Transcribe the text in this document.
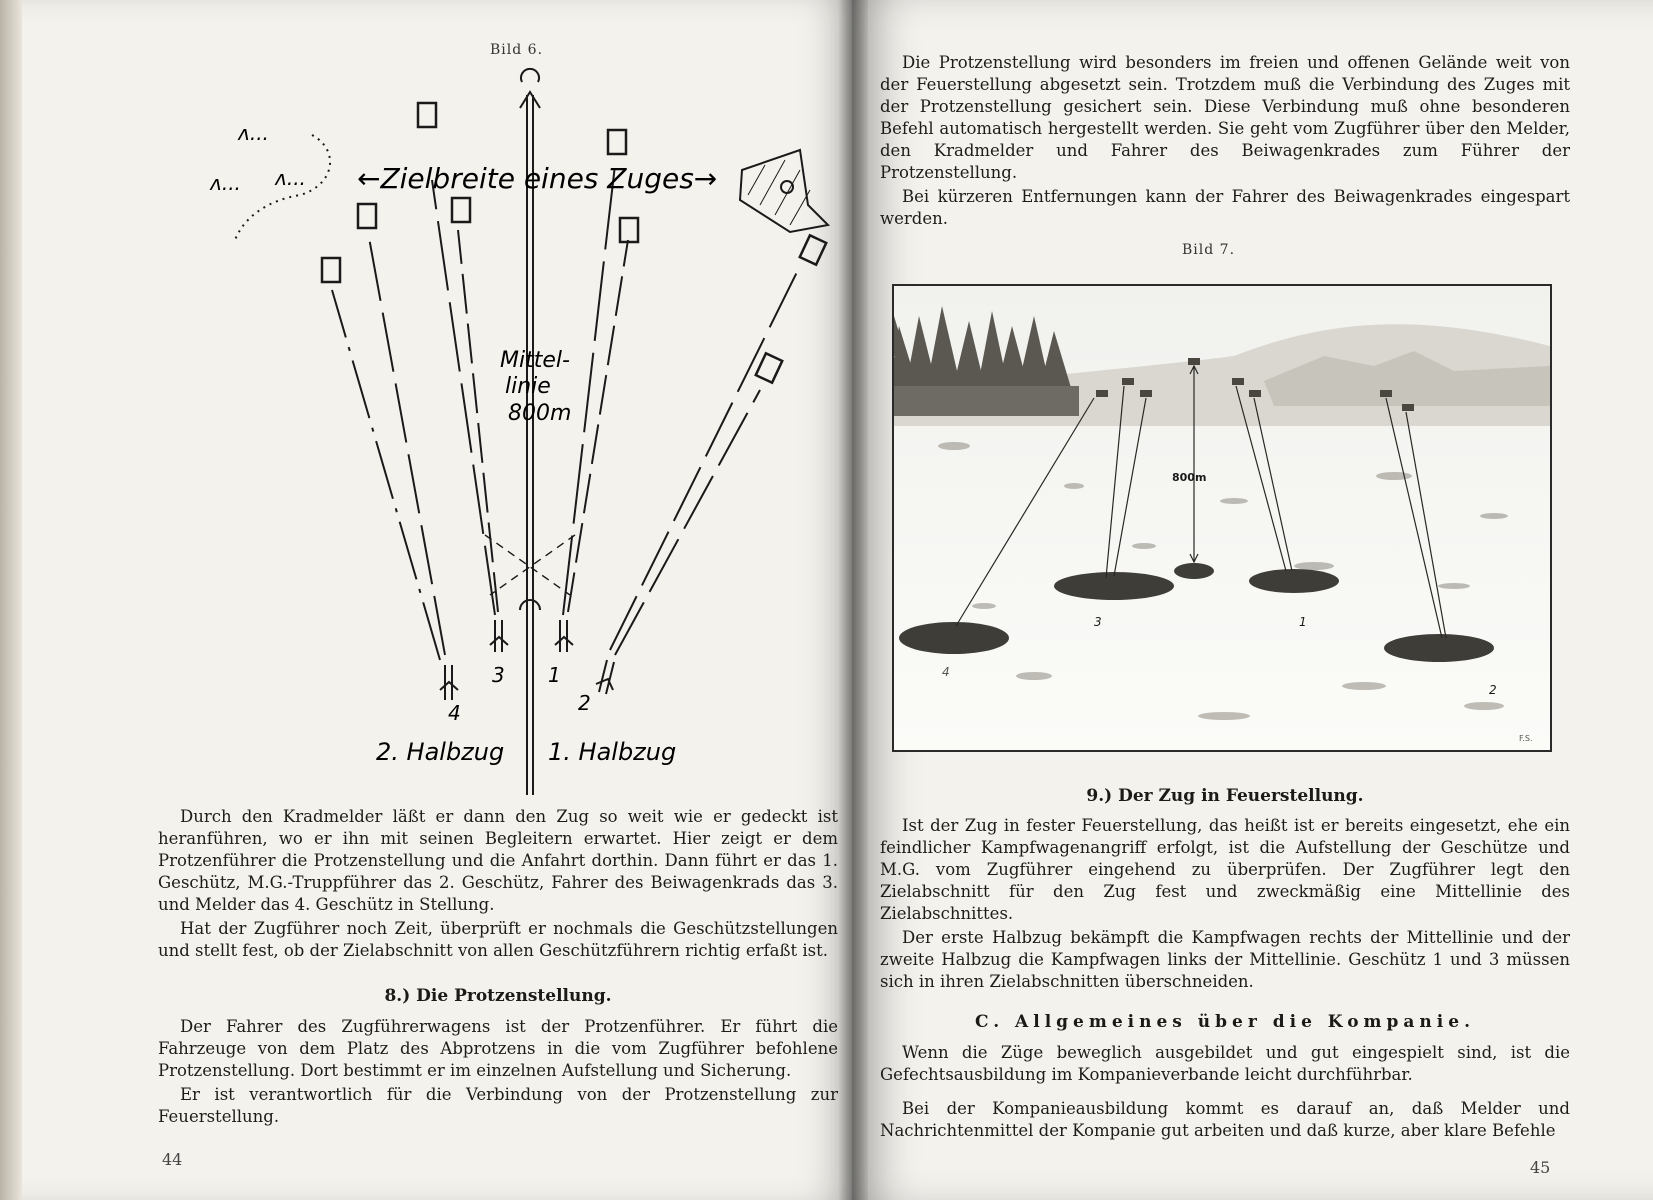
Bild 6.
←Zielbreite eines Zuges→
Mittel-
linie
800m
4
3 1
2
2. Halbzug 1. Halbzug
ʌ...
ʌ... ʌ...
Durch den Kradmelder läßt er dann den Zug so weit wie er gedeckt ist heranführen, wo er ihn mit seinen Begleitern erwartet. Hier zeigt er dem Protzenführer die Protzenstellung und die Anfahrt dorthin. Dann führt er das 1. Geschütz, M.G.-Truppführer das 2. Geschütz, Fahrer des Beiwagenkrads das 3. und Melder das 4. Geschütz in Stellung.
Hat der Zugführer noch Zeit, überprüft er nochmals die Geschützstellungen und stellt fest, ob der Zielabschnitt von allen Geschützführern richtig erfaßt ist.
8.) Die Protzenstellung.
Der Fahrer des Zugführerwagens ist der Protzenführer. Er führt die Fahrzeuge von dem Platz des Abprotzens in die vom Zugführer befohlene Protzenstellung. Dort bestimmt er im einzelnen Aufstellung und Sicherung.
Er ist verantwortlich für die Verbindung von der Protzenstellung zur Feuerstellung.
44
Die Protzenstellung wird besonders im freien und offenen Gelände weit von der Feuerstellung abgesetzt sein. Trotzdem muß die Verbindung des Zuges mit der Protzenstellung gesichert sein. Diese Verbindung muß ohne besonderen Befehl automatisch hergestellt werden. Sie geht vom Zugführer über den Melder, den Kradmelder und Fahrer des Beiwagenkrades zum Führer der Protzenstellung.
Bei kürzeren Entfernungen kann der Fahrer des Beiwagenkrades eingespart werden.
Bild 7.
800m
3	1
4
2
F.S.
9.) Der Zug in Feuerstellung.
Ist der Zug in fester Feuerstellung, das heißt ist er bereits eingesetzt, ehe ein feindlicher Kampfwagenangriff erfolgt, ist die Aufstellung der Geschütze und M.G. vom Zugführer eingehend zu überprüfen. Der Zugführer legt den Zielabschnitt für den Zug fest und zweckmäßig eine Mittellinie des Zielabschnittes.
Der erste Halbzug bekämpft die Kampfwagen rechts der Mittellinie und der zweite Halbzug die Kampfwagen links der Mittellinie. Geschütz 1 und 3 müssen sich in ihren Zielabschnitten überschneiden.
C. Allgemeines über die Kompanie.
Wenn die Züge beweglich ausgebildet und gut eingespielt sind, ist die Gefechtsausbildung im Kompanieverbande leicht durchführbar.
Bei der Kompanieausbildung kommt es darauf an, daß Melder und Nachrichtenmittel der Kompanie gut arbeiten und daß kurze, aber klare Befehle
45
